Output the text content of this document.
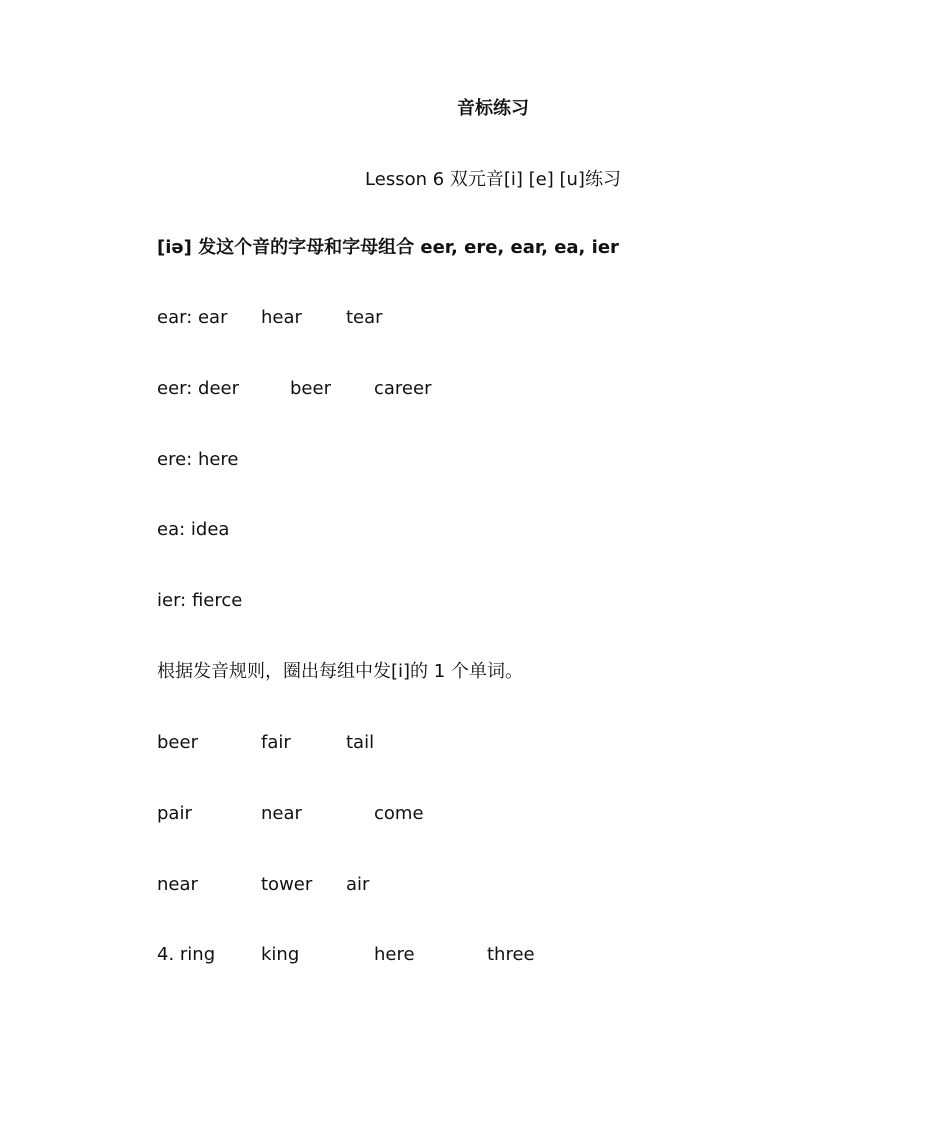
音标练习
Lesson 6 双元音[i] [e] [u]练习
[iə] 发这个音的字母和字母组合 eer, ere, ear, ea, ier
ear: ear hear tear
eer: deer	beer career
ere: here
ea: idea
ier: fierce
根据发音规则，圈出每组中发[i]的 1 个单词。
beer	fair	tail
pair	near	come
near	tower air
4. ring	king	here	three
